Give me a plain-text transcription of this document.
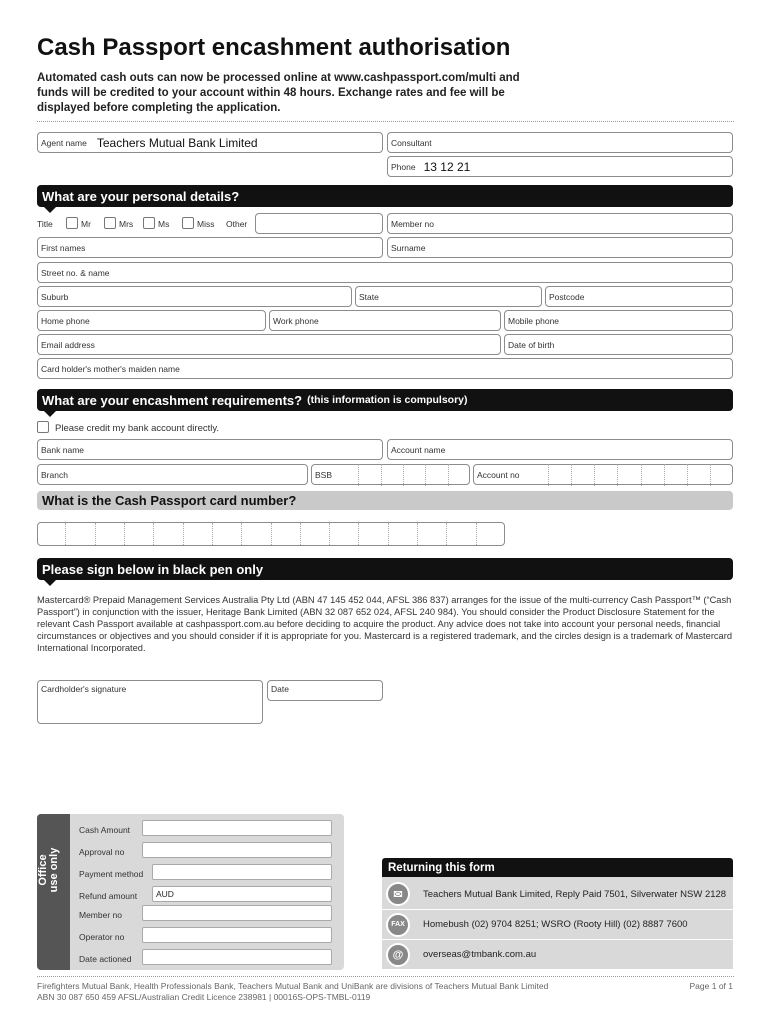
Cash Passport encashment authorisation
Automated cash outs can now be processed online at www.cashpassport.com/multi and funds will be credited to your account within 48 hours. Exchange rates and fee will be displayed before completing the application.
Agent name Teachers Mutual Bank Limited	Consultant
Phone 13 12 21
What are your personal details?
Title	Mr	Mrs	Ms	Miss Other	Member no
First names	Surname
Street no. & name
Suburb	State	Postcode
Home phone	Work phone	Mobile phone
Email address	Date of birth
Card holder's mother's maiden name
What are your encashment requirements? (this information is compulsory)
Please credit my bank account directly.
Bank name	Account name
Branch	BSB	Account no
What is the Cash Passport card number?
Please sign below in black pen only
Mastercard® Prepaid Management Services Australia Pty Ltd (ABN 47 145 452 044, AFSL 386 837) arranges for the issue of the multi-currency Cash Passport™ (“Cash Passport”) in conjunction with the issuer, Heritage Bank Limited (ABN 32 087 652 024, AFSL 240 984). You should consider the Product Disclosure Statement for the relevant Cash Passport available at cashpassport.com.au before deciding to acquire the product. Any advice does not take into account your personal needs, financial circumstances or objectives and you should consider if it is appropriate for you. Mastercard is a registered trademark, and the circles design is a trademark of Mastercard International Incorporated.
Cardholder's signature	Date
Office use only
Cash Amount
Approval no
Payment method
Refund amount AUD
Member no
Operator no
Date actioned
Returning this form
✉	Teachers Mutual Bank Limited, Reply Paid 7501, Silverwater NSW 2128
FAX	Homebush (02) 9704 8251; WSRO (Rooty Hill) (02) 8887 7600
@	overseas@tmbank.com.au
Firefighters Mutual Bank, Health Professionals Bank, Teachers Mutual Bank and UniBank are divisions of Teachers Mutual Bank Limited
ABN 30 087 650 459 AFSL/Australian Credit Licence 238981 | 00016S-OPS-TMBL-0119
Page 1 of 1
